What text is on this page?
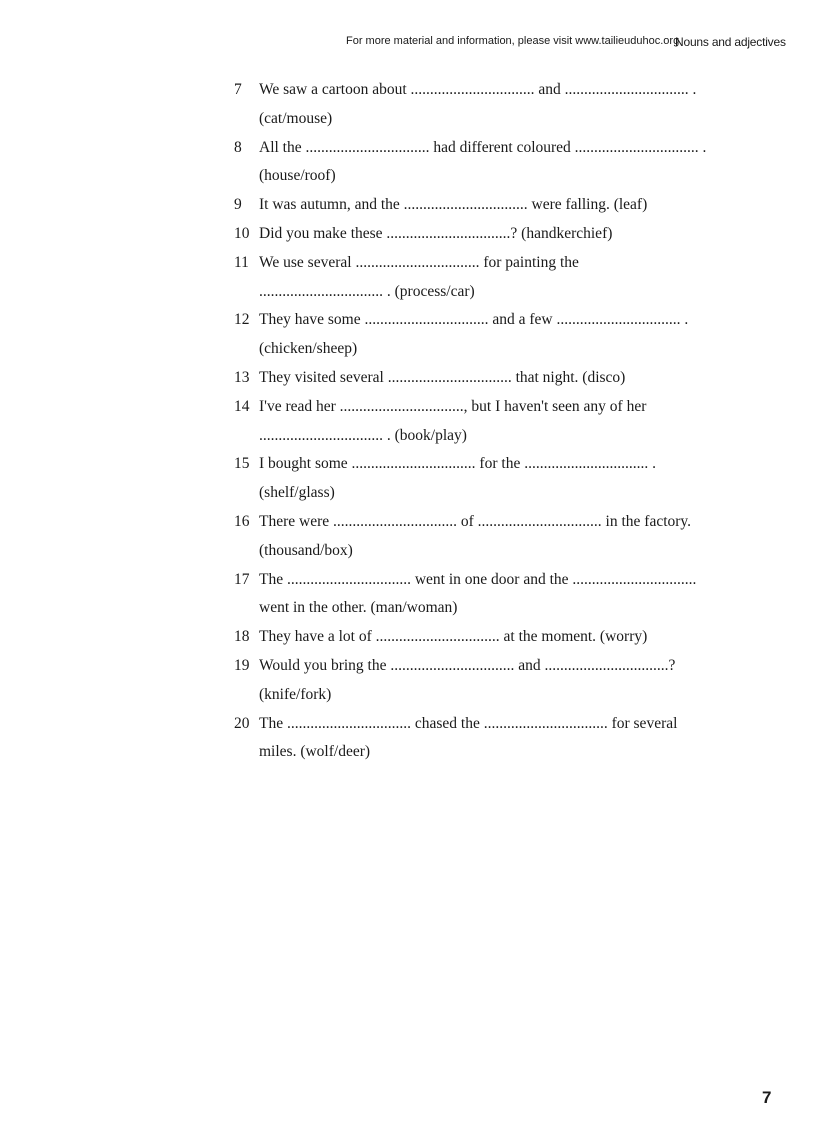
For more material and information, please visit www.tailieuduhoc.org
Nouns and adjectives
7 We saw a cartoon about ................................ and ................................ .
(cat/mouse)
8 All the ................................ had different coloured ................................ .
(house/roof)
9 It was autumn, and the ................................ were falling. (leaf)
10 Did you make these ................................? (handkerchief)
11 We use several ................................ for painting the
................................ . (process/car)
12 They have some ................................ and a few ................................ .
(chicken/sheep)
13 They visited several ................................ that night. (disco)
14 I've read her ................................, but I haven't seen any of her
................................ . (book/play)
15 I bought some ................................ for the ................................ .
(shelf/glass)
16 There were ................................ of ................................ in the factory.
(thousand/box)
17 The ................................ went in one door and the ................................
went in the other. (man/woman)
18 They have a lot of ................................ at the moment. (worry)
19 Would you bring the ................................ and ................................?
(knife/fork)
20 The ................................ chased the ................................ for several
miles. (wolf/deer)
7
